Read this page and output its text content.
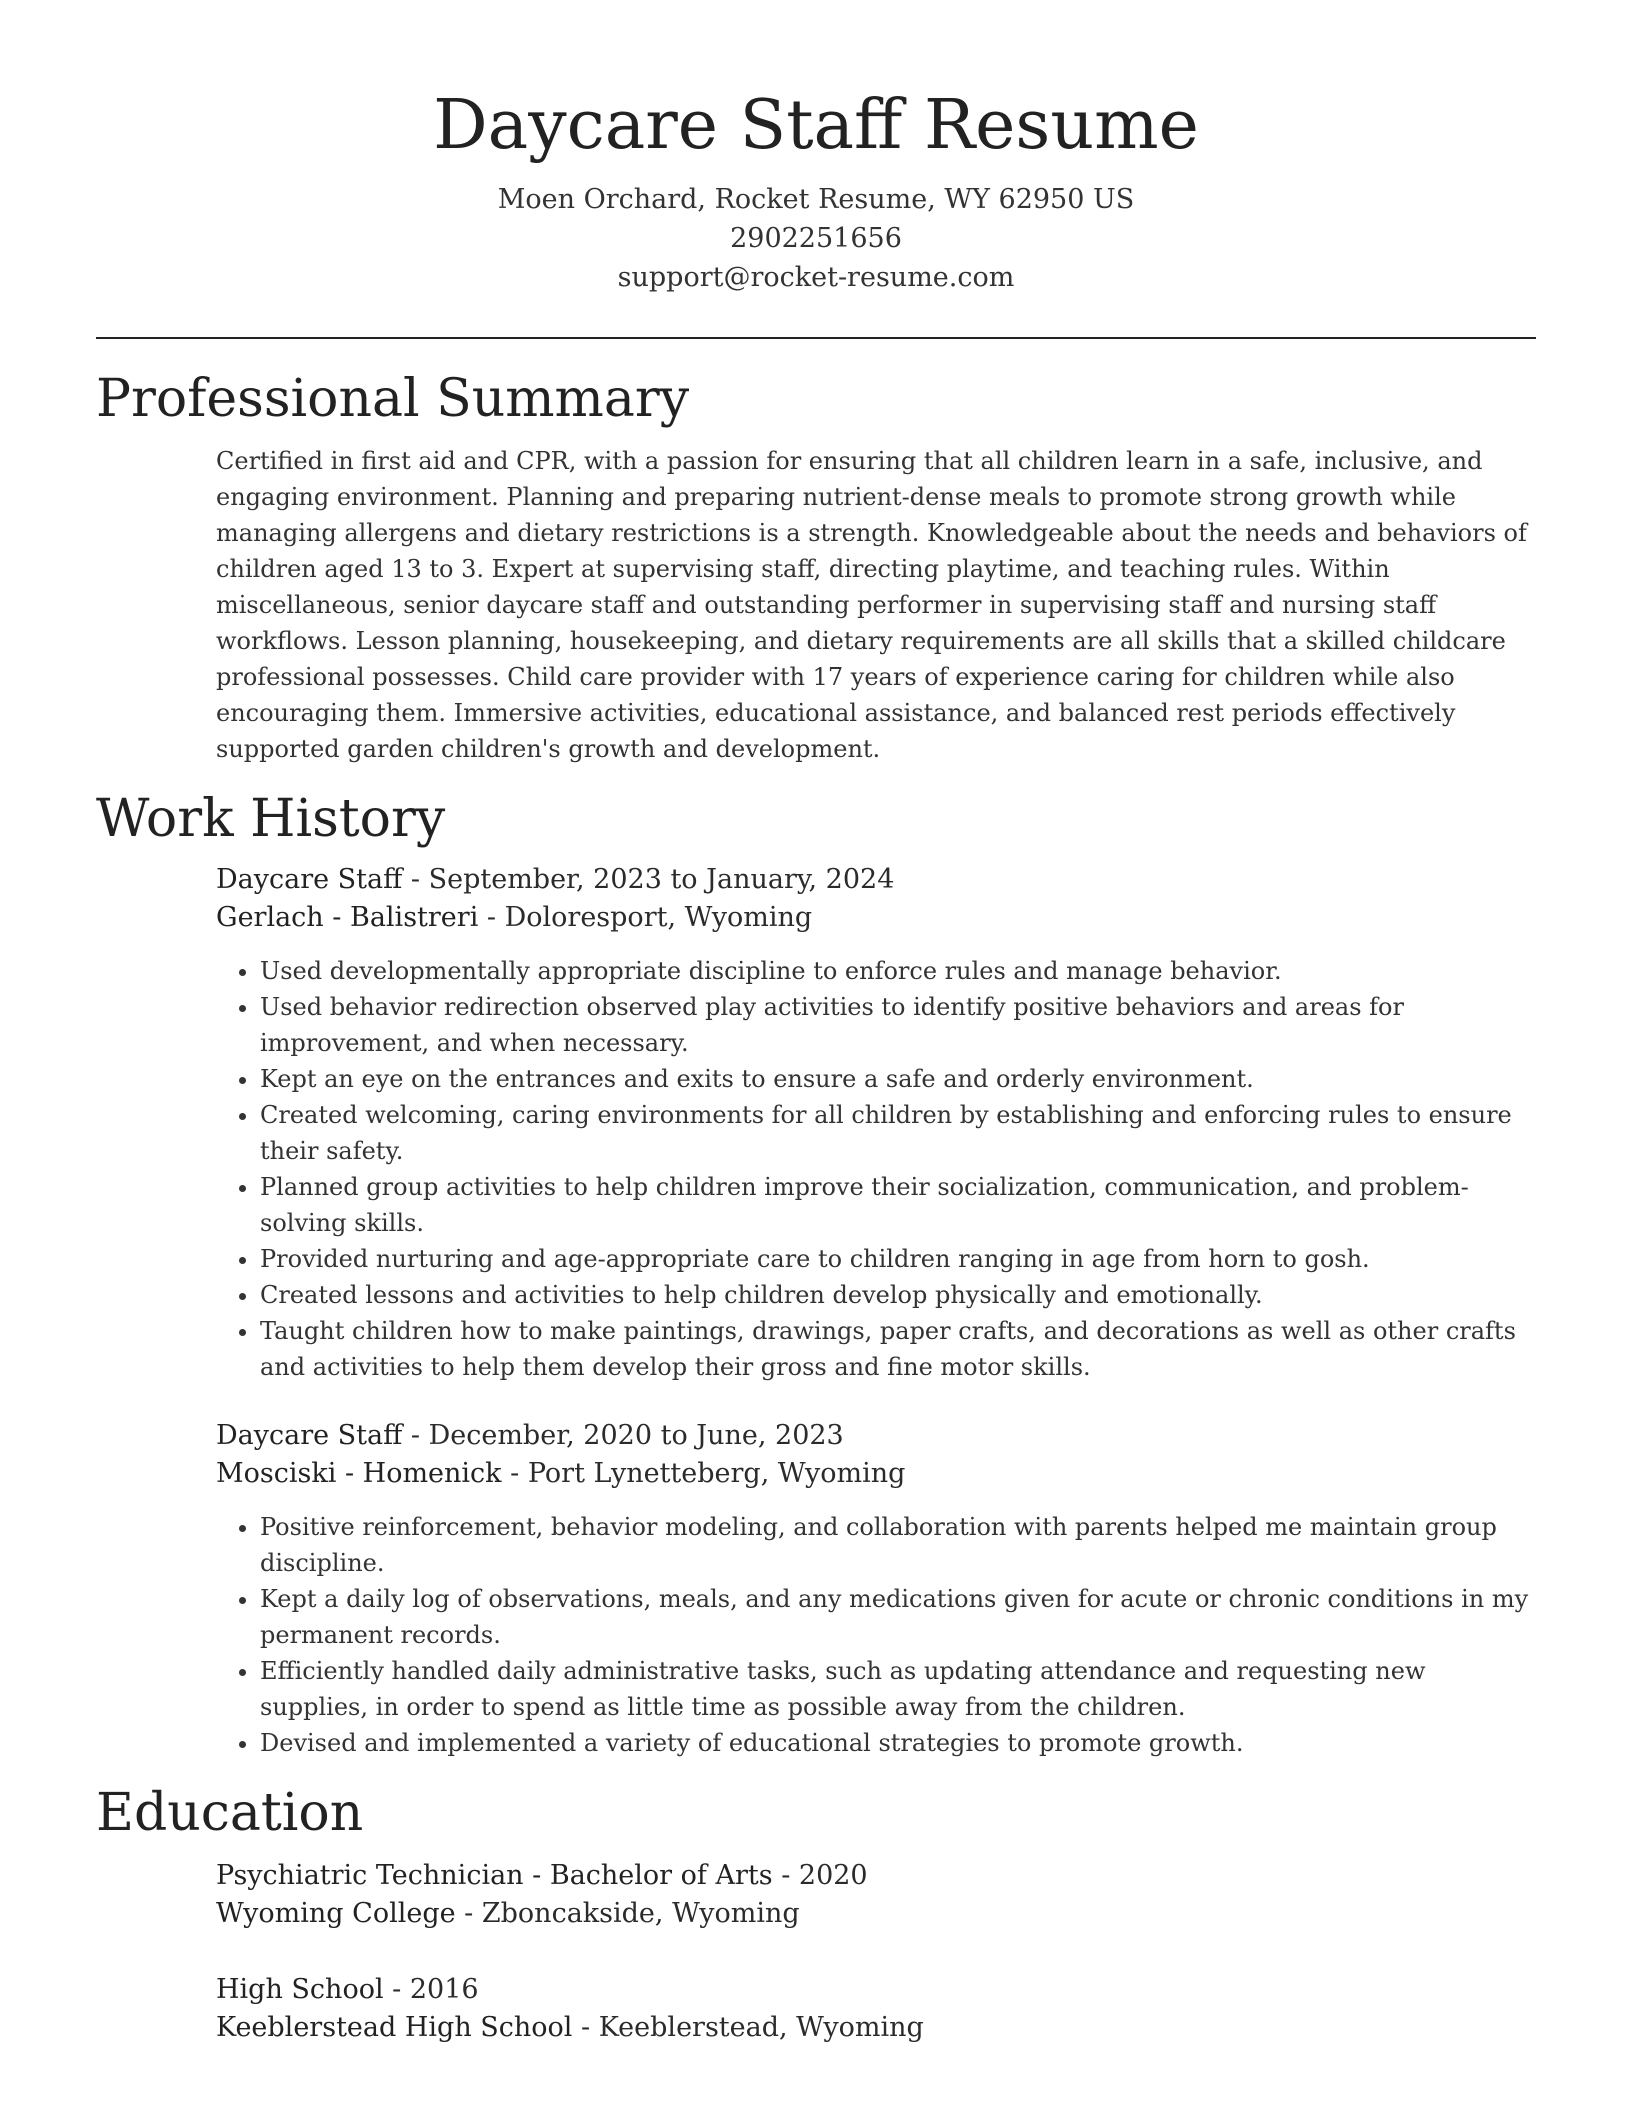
Daycare Staff Resume
Moen Orchard, Rocket Resume, WY 62950 US
2902251656
support@rocket-resume.com
Professional Summary
Certified in first aid and CPR, with a passion for ensuring that all children learn in a safe, inclusive, and engaging environment. Planning and preparing nutrient-dense meals to promote strong growth while managing allergens and dietary restrictions is a strength. Knowledgeable about the needs and behaviors of children aged 13 to 3. Expert at supervising staff, directing playtime, and teaching rules. Within miscellaneous, senior daycare staff and outstanding performer in supervising staff and nursing staff workflows. Lesson planning, housekeeping, and dietary requirements are all skills that a skilled childcare professional possesses. Child care provider with 17 years of experience caring for children while also encouraging them. Immersive activities, educational assistance, and balanced rest periods effectively supported garden children's growth and development.
Work History
Daycare Staff - September, 2023 to January, 2024
Gerlach - Balistreri - Doloresport, Wyoming
• Used developmentally appropriate discipline to enforce rules and manage behavior.
• Used behavior redirection observed play activities to identify positive behaviors and areas for improvement, and when necessary.
• Kept an eye on the entrances and exits to ensure a safe and orderly environment.
• Created welcoming, caring environments for all children by establishing and enforcing rules to ensure their safety.
• Planned group activities to help children improve their socialization, communication, and problem-solving skills.
• Provided nurturing and age-appropriate care to children ranging in age from horn to gosh.
• Created lessons and activities to help children develop physically and emotionally.
• Taught children how to make paintings, drawings, paper crafts, and decorations as well as other crafts and activities to help them develop their gross and fine motor skills.
Daycare Staff - December, 2020 to June, 2023
Mosciski - Homenick - Port Lynetteberg, Wyoming
• Positive reinforcement, behavior modeling, and collaboration with parents helped me maintain group discipline.
• Kept a daily log of observations, meals, and any medications given for acute or chronic conditions in my permanent records.
• Efficiently handled daily administrative tasks, such as updating attendance and requesting new supplies, in order to spend as little time as possible away from the children.
• Devised and implemented a variety of educational strategies to promote growth.
Education
Psychiatric Technician - Bachelor of Arts - 2020
Wyoming College - Zboncakside, Wyoming
High School - 2016
Keeblerstead High School - Keeblerstead, Wyoming
